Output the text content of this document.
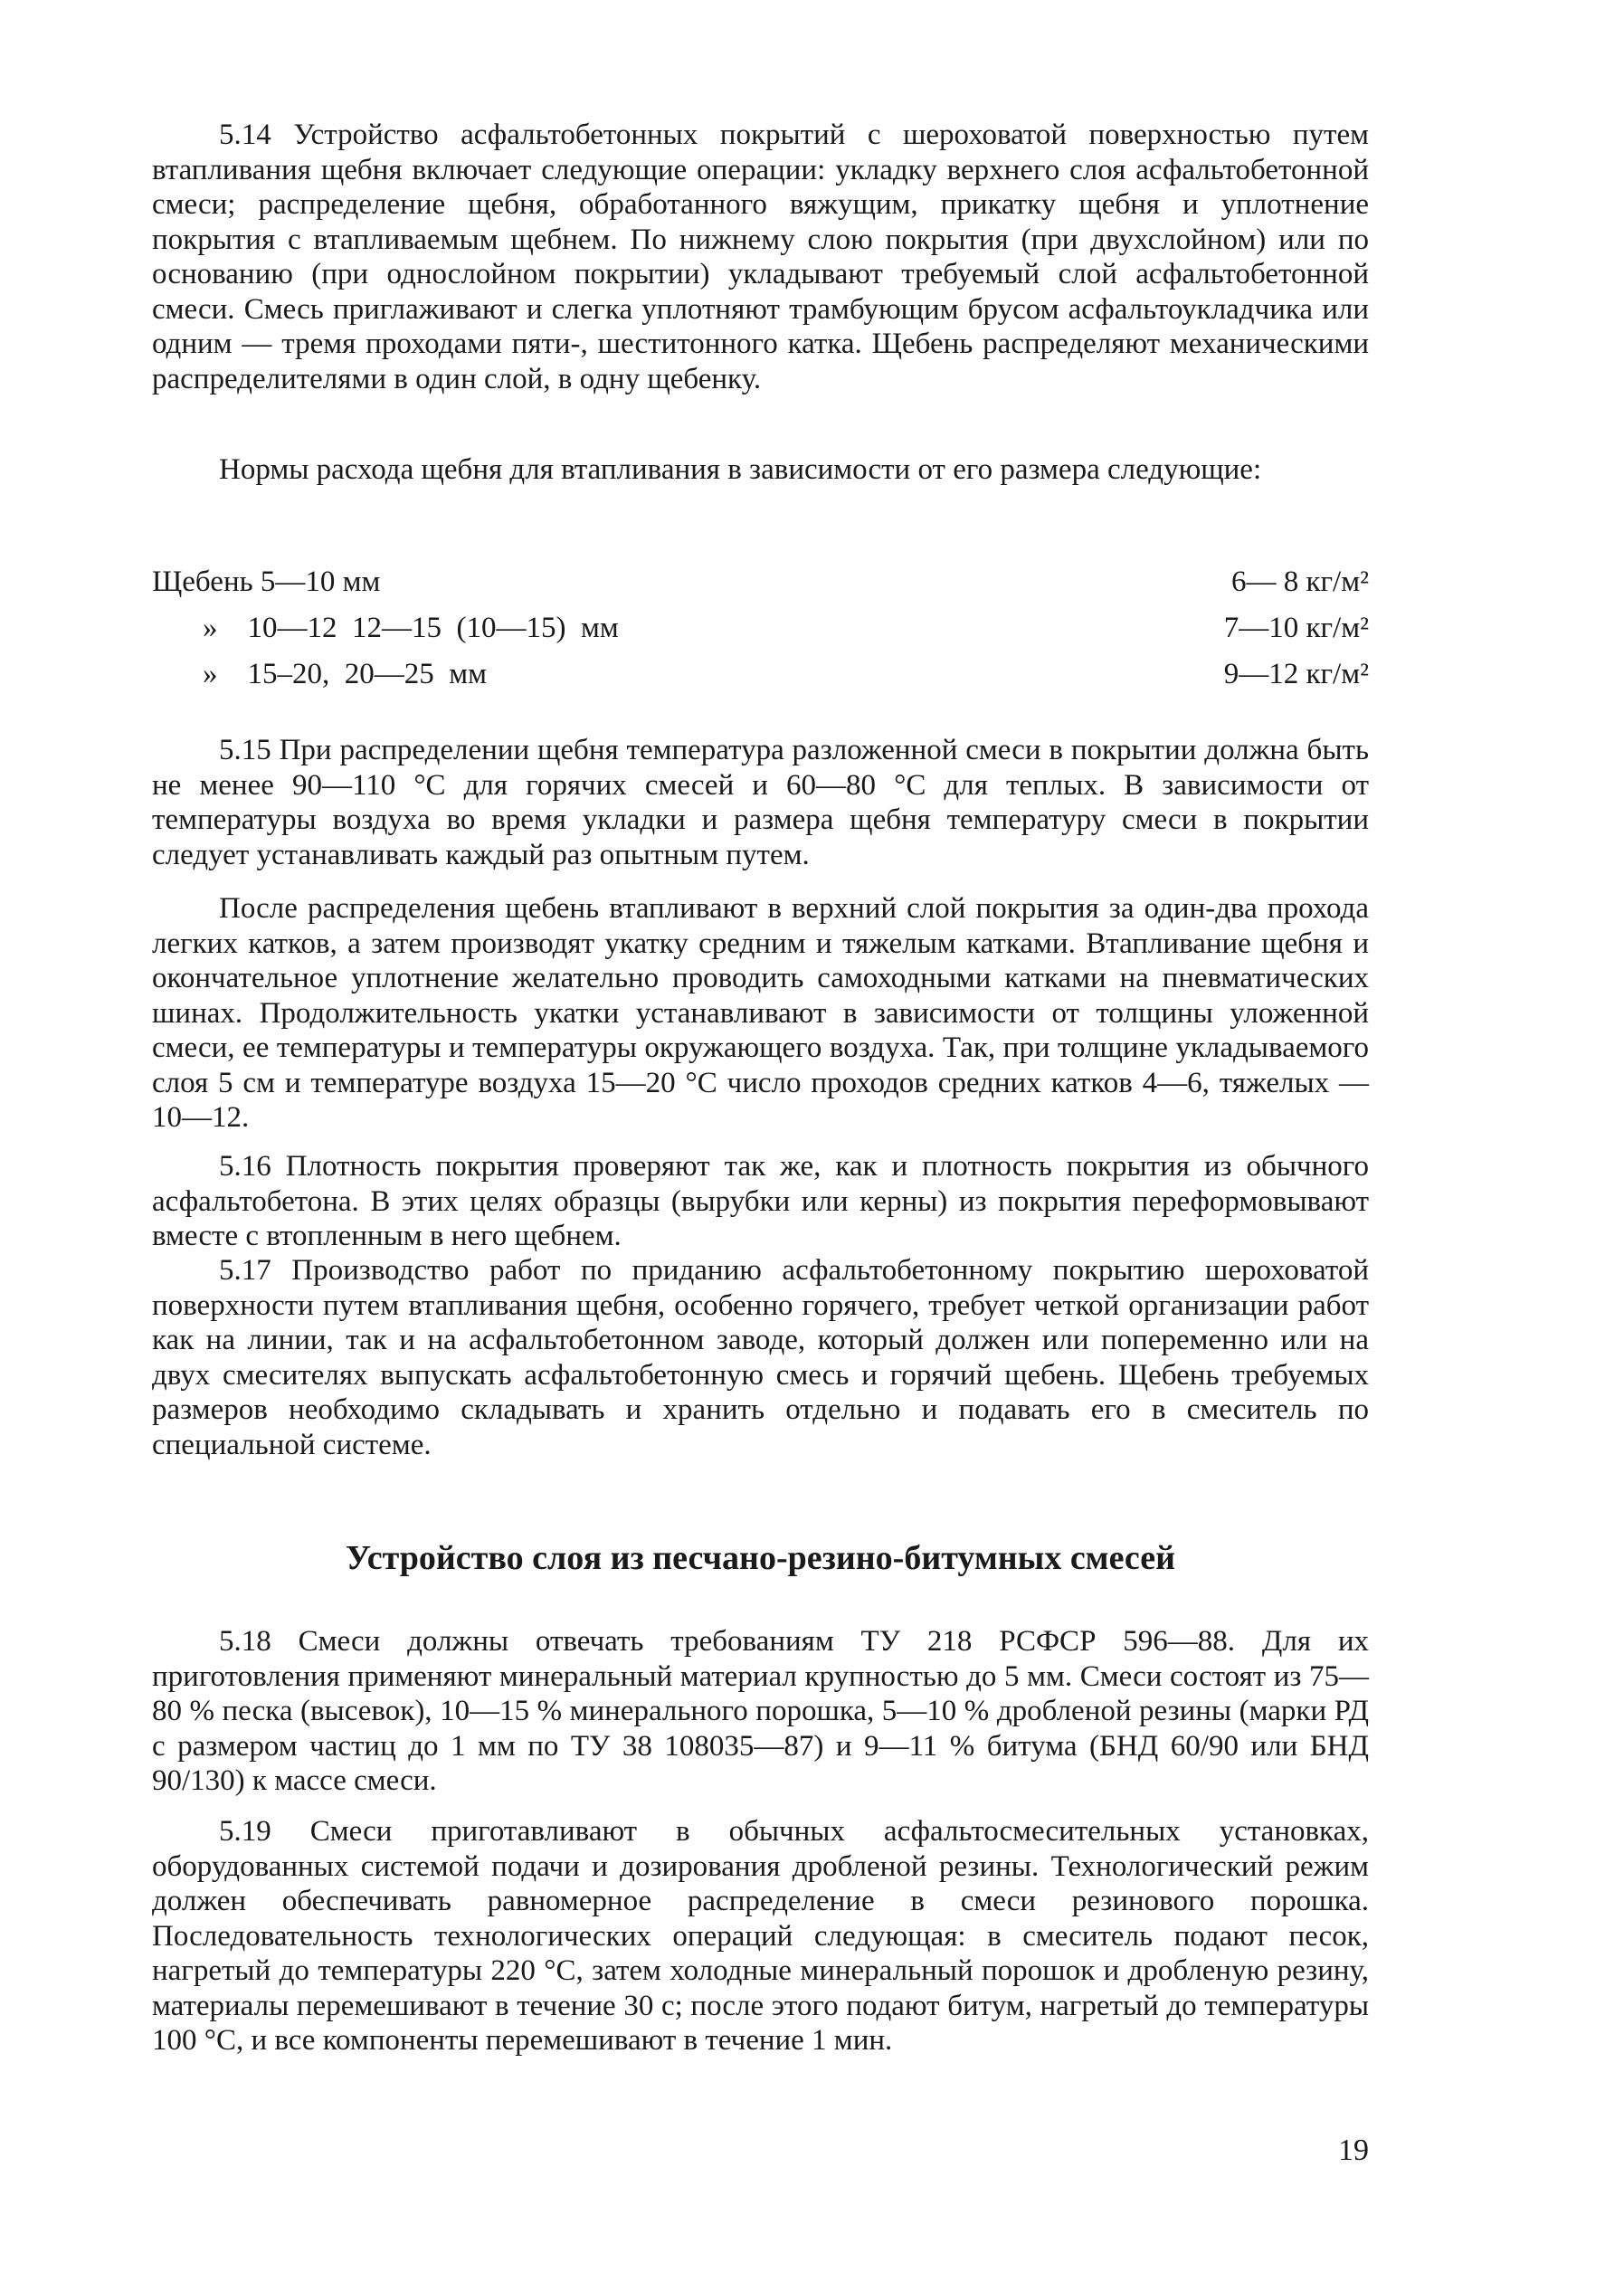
5.14 Устройство асфальтобетонных покрытий с шероховатой поверхностью путем втапливания щебня включает следующие операции: укладку верхнего слоя асфальтобетонной смеси; распределение щебня, обработанного вяжущим, прикатку щебня и уплотнение покрытия с втапливаемым щебнем. По нижнему слою покрытия (при двухслойном) или по основанию (при однослойном покрытии) укладывают требуемый слой асфальтобетонной смеси. Смесь приглаживают и слегка уплотняют трамбующим брусом асфальтоукладчика или одним — тремя проходами пяти-, шеститонного катка. Щебень распределяют механическими распределителями в один слой, в одну щебенку.

Нормы расхода щебня для втапливания в зависимости от его размера следующие:

Щебень 5—10 мм	6— 8 кг/м²
»    10—12  12—15  (10—15)  мм	7—10 кг/м²
»    15–20,  20—25  мм	9—12 кг/м²

5.15 При распределении щебня температура разложенной смеси в покрытии должна быть не менее 90—110 °С для горячих смесей и 60—80 °С для теплых. В зависимости от температуры воздуха во время укладки и размера щебня температуру смеси в покрытии следует устанавливать каждый раз опытным путем.

После распределения щебень втапливают в верхний слой покрытия за один-два прохода легких катков, а затем производят укатку средним и тяжелым катками. Втапливание щебня и окончательное уплотнение желательно проводить самоходными катками на пневматических шинах. Продолжительность укатки устанавливают в зависимости от толщины уложенной смеси, ее температуры и температуры окружающего воздуха. Так, при толщине укладываемого слоя 5 см и температуре воздуха 15—20 °С число проходов средних катков 4—6, тяжелых — 10—12.

5.16 Плотность покрытия проверяют так же, как и плотность покрытия из обычного асфальтобетона. В этих целях образцы (вырубки или керны) из покрытия переформовывают вместе с втопленным в него щебнем.

5.17 Производство работ по приданию асфальтобетонному покрытию шероховатой поверхности путем втапливания щебня, особенно горячего, требует четкой организации работ как на линии, так и на асфальтобетонном заводе, который должен или попеременно или на двух смесителях выпускать асфальтобетонную смесь и горячий щебень. Щебень требуемых размеров необходимо складывать и хранить отдельно и подавать его в смеситель по специальной системе.

Устройство слоя из песчано-резино-битумных смесей

5.18 Смеси должны отвечать требованиям ТУ 218 РСФСР 596—88. Для их приготовления применяют минеральный материал крупностью до 5 мм. Смеси состоят из 75—80 % песка (высевок), 10—15 % минерального порошка, 5—10 % дробленой резины (марки РД с размером частиц до 1 мм по ТУ 38 108035—87) и 9—11 % битума (БНД 60/90 или БНД 90/130) к массе смеси.

5.19 Смеси приготавливают в обычных асфальтосмесительных установках, оборудованных системой подачи и дозирования дробленой резины. Технологический режим должен обеспечивать равномерное распределение в смеси резинового порошка. Последовательность технологических операций следующая: в смеситель подают песок, нагретый до температуры 220 °С, затем холодные минеральный порошок и дробленую резину, материалы перемешивают в течение 30 с; после этого подают битум, нагретый до температуры 100 °С, и все компоненты перемешивают в течение 1 мин.

19
